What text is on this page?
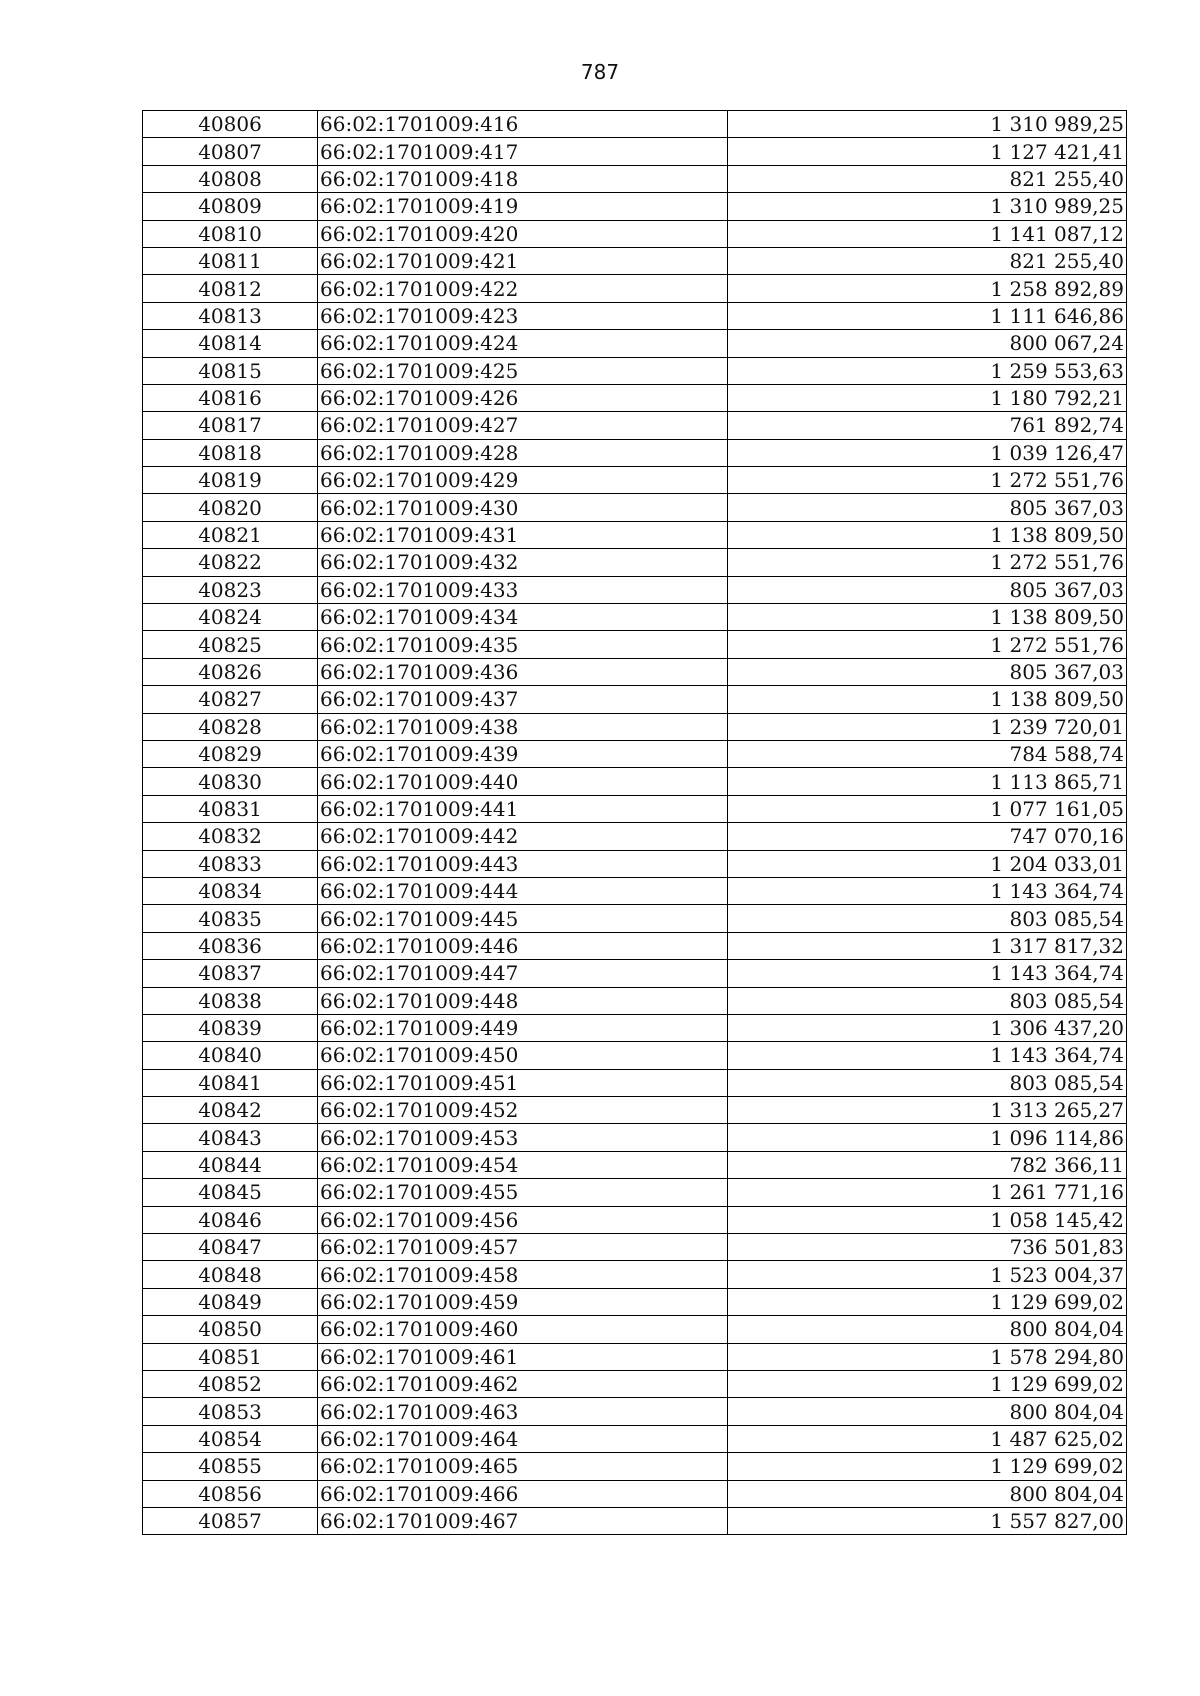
787
40806	66:02:1701009:416	1 310 989,25
40807	66:02:1701009:417	1 127 421,41
40808	66:02:1701009:418	821 255,40
40809	66:02:1701009:419	1 310 989,25
40810	66:02:1701009:420	1 141 087,12
40811	66:02:1701009:421	821 255,40
40812	66:02:1701009:422	1 258 892,89
40813	66:02:1701009:423	1 111 646,86
40814	66:02:1701009:424	800 067,24
40815	66:02:1701009:425	1 259 553,63
40816	66:02:1701009:426	1 180 792,21
40817	66:02:1701009:427	761 892,74
40818	66:02:1701009:428	1 039 126,47
40819	66:02:1701009:429	1 272 551,76
40820	66:02:1701009:430	805 367,03
40821	66:02:1701009:431	1 138 809,50
40822	66:02:1701009:432	1 272 551,76
40823	66:02:1701009:433	805 367,03
40824	66:02:1701009:434	1 138 809,50
40825	66:02:1701009:435	1 272 551,76
40826	66:02:1701009:436	805 367,03
40827	66:02:1701009:437	1 138 809,50
40828	66:02:1701009:438	1 239 720,01
40829	66:02:1701009:439	784 588,74
40830	66:02:1701009:440	1 113 865,71
40831	66:02:1701009:441	1 077 161,05
40832	66:02:1701009:442	747 070,16
40833	66:02:1701009:443	1 204 033,01
40834	66:02:1701009:444	1 143 364,74
40835	66:02:1701009:445	803 085,54
40836	66:02:1701009:446	1 317 817,32
40837	66:02:1701009:447	1 143 364,74
40838	66:02:1701009:448	803 085,54
40839	66:02:1701009:449	1 306 437,20
40840	66:02:1701009:450	1 143 364,74
40841	66:02:1701009:451	803 085,54
40842	66:02:1701009:452	1 313 265,27
40843	66:02:1701009:453	1 096 114,86
40844	66:02:1701009:454	782 366,11
40845	66:02:1701009:455	1 261 771,16
40846	66:02:1701009:456	1 058 145,42
40847	66:02:1701009:457	736 501,83
40848	66:02:1701009:458	1 523 004,37
40849	66:02:1701009:459	1 129 699,02
40850	66:02:1701009:460	800 804,04
40851	66:02:1701009:461	1 578 294,80
40852	66:02:1701009:462	1 129 699,02
40853	66:02:1701009:463	800 804,04
40854	66:02:1701009:464	1 487 625,02
40855	66:02:1701009:465	1 129 699,02
40856	66:02:1701009:466	800 804,04
40857	66:02:1701009:467	1 557 827,00
